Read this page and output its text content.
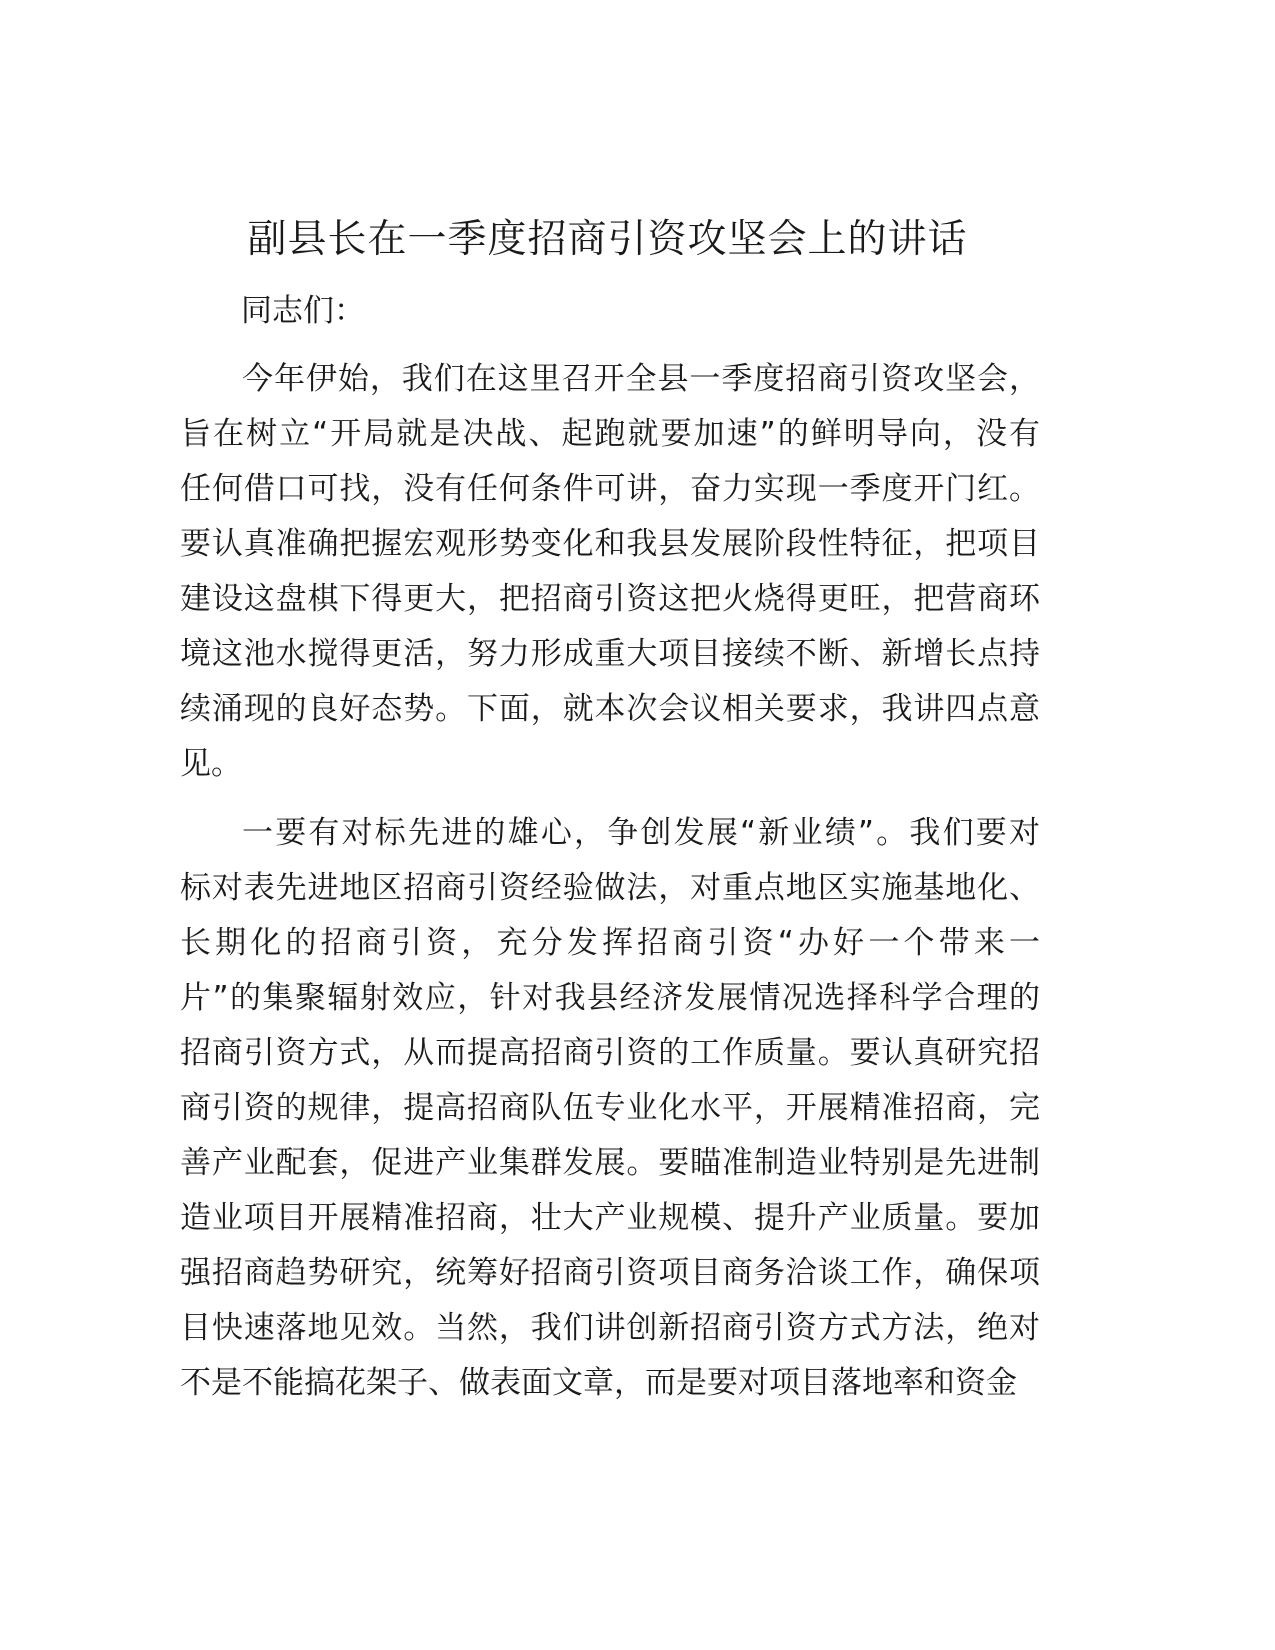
副县长在一季度招商引资攻坚会上的讲话
同志们：
今年伊始，我们在这里召开全县一季度招商引资攻坚会，
旨在树立“开局就是决战、起跑就要加速”的鲜明导向，没有
任何借口可找，没有任何条件可讲，奋力实现一季度开门红。
要认真准确把握宏观形势变化和我县发展阶段性特征，把项目
建设这盘棋下得更大，把招商引资这把火烧得更旺，把营商环
境这池水搅得更活，努力形成重大项目接续不断、新增长点持
续涌现的良好态势。下面，就本次会议相关要求，我讲四点意
见。
一要有对标先进的雄心，争创发展“新业绩”。我们要对
标对表先进地区招商引资经验做法，对重点地区实施基地化、
长期化的招商引资，充分发挥招商引资“办好一个带来一
片”的集聚辐射效应，针对我县经济发展情况选择科学合理的
招商引资方式，从而提高招商引资的工作质量。要认真研究招
商引资的规律，提高招商队伍专业化水平，开展精准招商，完
善产业配套，促进产业集群发展。要瞄准制造业特别是先进制
造业项目开展精准招商，壮大产业规模、提升产业质量。要加
强招商趋势研究，统筹好招商引资项目商务洽谈工作，确保项
目快速落地见效。当然，我们讲创新招商引资方式方法，绝对
不是不能搞花架子、做表面文章，而是要对项目落地率和资金
